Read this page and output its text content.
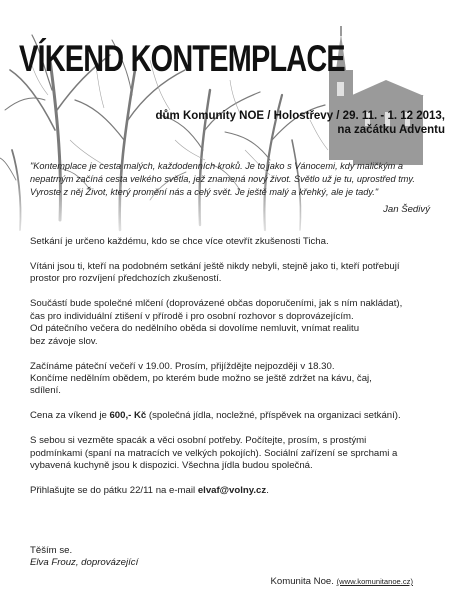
VÍKEND KONTEMPLACE
dům Komunity NOE / Holostřevy / 29. 11. - 1. 12 2013,
na začátku Adventu
"Kontemplace je cesta malých, každodenních kroků. Je to jako s Vánocemi, kdy maličkým a nepatrným začíná cesta velkého světla, jež znamená nový život. Světlo už je tu, uprostřed tmy. Vyroste z něj Život, který promění nás a celý svět. Je ještě malý a křehký, ale je tady."
Jan Šedivý

Setkání je určeno každému, kdo se chce více otevřít zkušenosti Ticha.

Vítáni jsou ti, kteří na podobném setkání ještě nikdy nebyli, stejně jako ti, kteří potřebují
prostor pro rozvíjení předchozích zkušeností.

Součástí bude společné mlčení (doprovázené občas doporučeními, jak s ním nakládat),
čas pro individuální ztišení v přírodě i pro osobní rozhovor s doprovázejícím.
Od pátečního večera do nedělního oběda si dovolíme nemluvit, vnímat realitu
bez závoje slov.

Začínáme páteční večeří v 19.00. Prosím, přijíždějte nejpozději v 18.30.
Končíme nedělním obědem, po kterém bude možno se ještě zdržet na kávu, čaj,
sdílení.

Cena za víkend je 600,- Kč (společná jídla, nocležné, příspěvek na organizaci setkání).

S sebou si vezměte spacák a věci osobní potřeby. Počítejte, prosím, s prostými
podmínkami (spaní na matracích ve velkých pokojích). Sociální zařízení se sprchami a
vybavená kuchyně jsou k dispozici. Všechna jídla budou společná.

Přihlašujte se do pátku 22/11 na e-mail elvaf@volny.cz.

Těším se.
Elva Frouz, doprovázející
Komunita Noe. (www.komunitanoe.cz)
